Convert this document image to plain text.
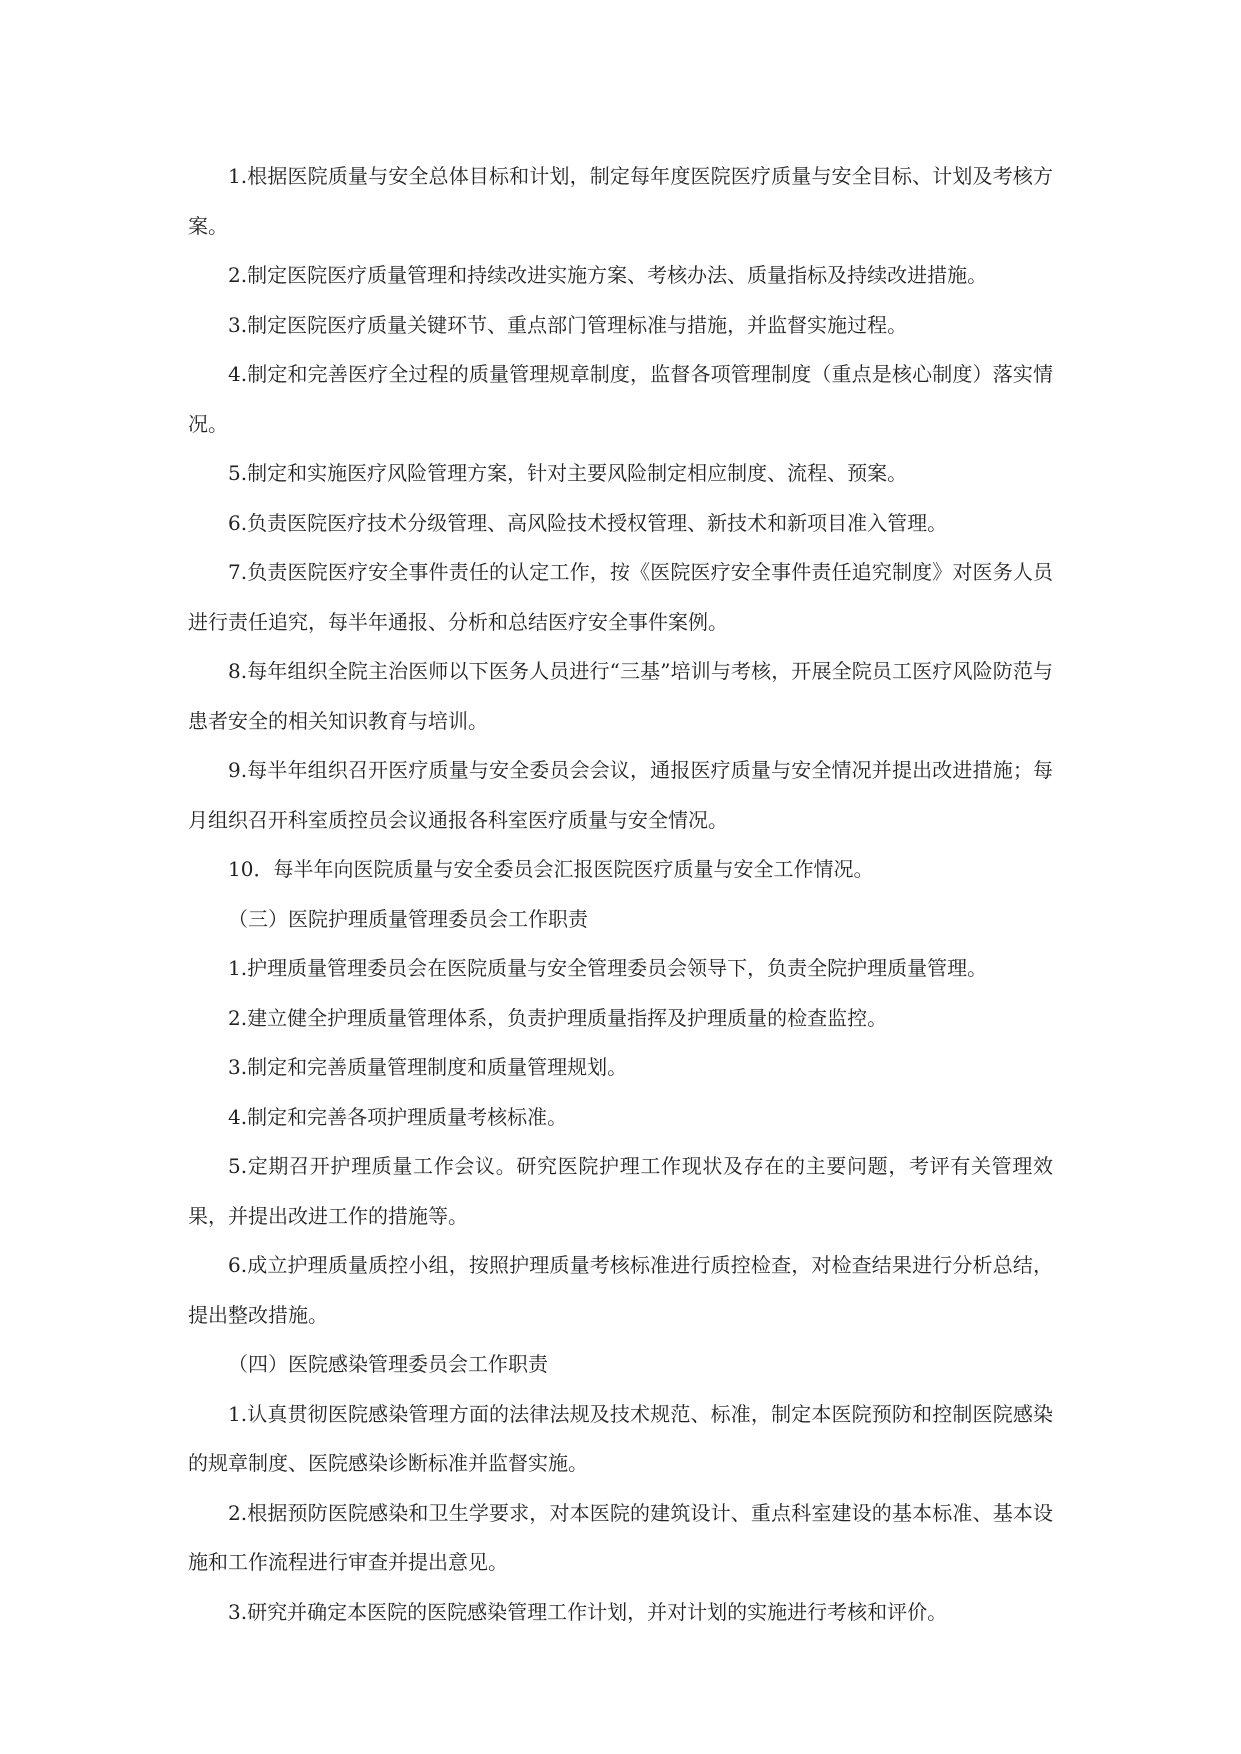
1.根据医院质量与安全总体目标和计划，制定每年度医院医疗质量与安全目标、计划及考核方案。

2.制定医院医疗质量管理和持续改进实施方案、考核办法、质量指标及持续改进措施。

3.制定医院医疗质量关键环节、重点部门管理标准与措施，并监督实施过程。

4.制定和完善医疗全过程的质量管理规章制度，监督各项管理制度（重点是核心制度）落实情况。

5.制定和实施医疗风险管理方案，针对主要风险制定相应制度、流程、预案。

6.负责医院医疗技术分级管理、高风险技术授权管理、新技术和新项目准入管理。

7.负责医院医疗安全事件责任的认定工作，按《医院医疗安全事件责任追究制度》对医务人员进行责任追究，每半年通报、分析和总结医疗安全事件案例。

8.每年组织全院主治医师以下医务人员进行“三基”培训与考核，开展全院员工医疗风险防范与患者安全的相关知识教育与培训。

9.每半年组织召开医疗质量与安全委员会会议，通报医疗质量与安全情况并提出改进措施；每月组织召开科室质控员会议通报各科室医疗质量与安全情况。

10．每半年向医院质量与安全委员会汇报医院医疗质量与安全工作情况。

（三）医院护理质量管理委员会工作职责

1.护理质量管理委员会在医院质量与安全管理委员会领导下，负责全院护理质量管理。

2.建立健全护理质量管理体系，负责护理质量指挥及护理质量的检查监控。

3.制定和完善质量管理制度和质量管理规划。

4.制定和完善各项护理质量考核标准。

5.定期召开护理质量工作会议。研究医院护理工作现状及存在的主要问题，考评有关管理效果，并提出改进工作的措施等。

6.成立护理质量质控小组，按照护理质量考核标准进行质控检查，对检查结果进行分析总结，提出整改措施。

（四）医院感染管理委员会工作职责

1.认真贯彻医院感染管理方面的法律法规及技术规范、标准，制定本医院预防和控制医院感染的规章制度、医院感染诊断标准并监督实施。

2.根据预防医院感染和卫生学要求，对本医院的建筑设计、重点科室建设的基本标准、基本设施和工作流程进行审查并提出意见。

3.研究并确定本医院的医院感染管理工作计划，并对计划的实施进行考核和评价。
